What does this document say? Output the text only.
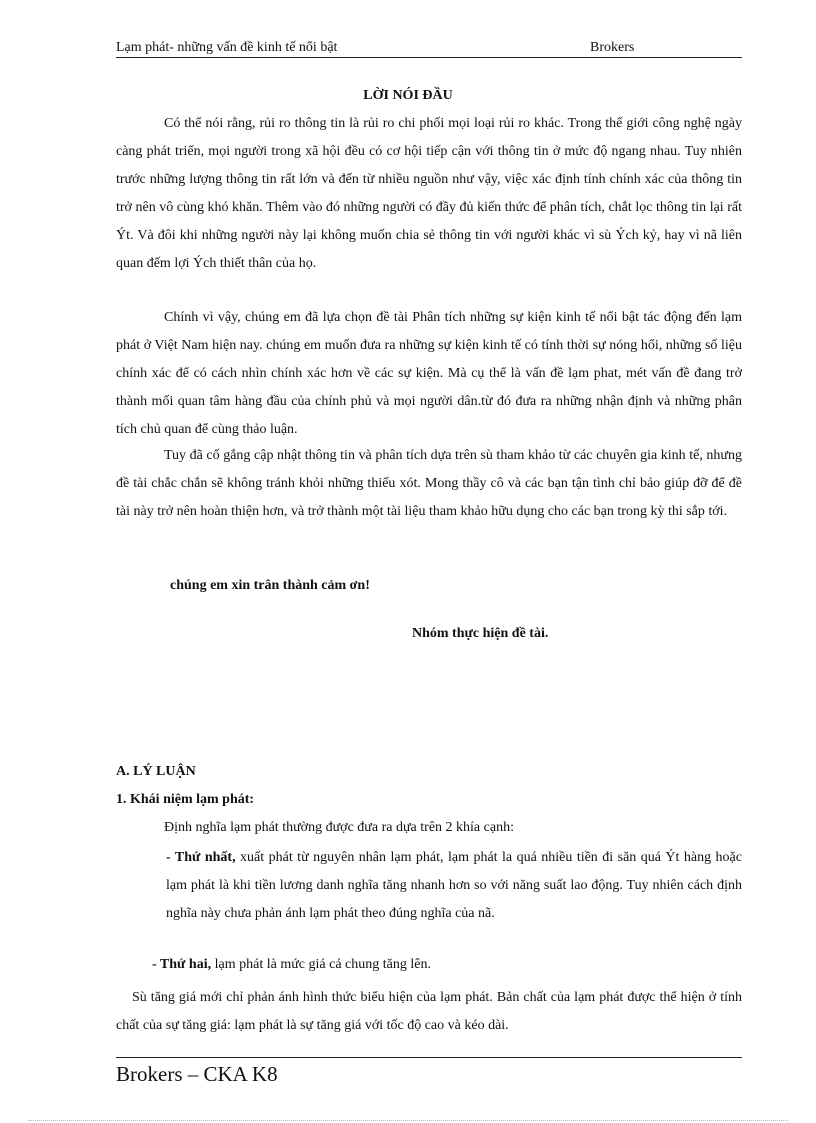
Lạm phát- những vấn đề kinh tế nổi bật	Brokers
LỜI NÓI ĐẦU

Có thể nói rằng, rủi ro thông tin là rủi ro chi phối mọi loại rủi ro khác. Trong thế giới công nghệ ngày càng phát triển, mọi người trong xã hội đều có cơ hội tiếp cận với thông tin ở mức độ ngang nhau. Tuy nhiên trước những lượng thông tin rất lớn và đến từ nhiều nguồn như vậy, việc xác định tính chính xác của thông tin trở nên vô cùng khó khăn. Thêm vào đó những người có đầy đủ kiến thức để phân tích, chắt lọc thông tin lại rất Ýt. Và đôi khi những người này lại không muốn chia sẻ thông tin với người khác vì sù Ých kỷ, hay vì nã liên quan đếm lợi Ých thiết thân của họ.

Chính vì vậy, chúng em đã lựa chọn đề tài Phân tích những sự kiện kinh tế nổi bật tác động đến lạm phát ở Việt Nam hiện nay. chúng em muốn đưa ra những sự kiện kinh tế có tính thời sự nóng hổi, những số liệu chính xác để có cách nhìn chính xác hơn về các sự kiện. Mà cụ thể là vấn đề lạm phat, mét vấn đề đang trở thành mối quan tâm hàng đầu của chính phủ và mọi người dân.từ đó đưa ra những nhận định và những phân tích chủ quan để cùng thảo luận.

Tuy đã cố gắng cập nhật thông tin và phân tích dựa trên sù tham khảo từ các chuyên gia kinh tế, nhưng đề tài chắc chắn sẽ không tránh khỏi những thiếu xót. Mong thầy cô và các bạn tận tình chỉ bảo giúp đỡ để đề tài này trở nên hoàn thiện hơn, và trở thành một tài liệu tham khảo hữu dụng cho các bạn trong kỳ thi sắp tới.

chúng em xin trân thành cảm ơn!
Nhóm thực hiện đề tài.
A. LÝ LUẬN
1. Khái niệm lạm phát:
Định nghĩa lạm phát thường được đưa ra dựa trên 2 khía cạnh:
- Thứ nhất, xuất phát từ nguyên nhân lạm phát, lạm phát la quá nhiều tiền đi săn quá Ýt hàng hoặc lạm phát là khi tiền lương danh nghĩa tăng nhanh hơn so với năng suất lao động. Tuy nhiên cách định nghĩa này chưa phản ánh lạm phát theo đúng nghĩa của nã.
- Thứ hai, lạm phát là mức giá cả chung tăng lên.

Sù tăng giá mới chỉ phản ánh hình thức biểu hiện của lạm phát. Bản chất của lạm phát được thể hiện ở tính chất của sự tăng giá: lạm phát là sự tăng giá với tốc độ cao và kéo dài.

Brokers – CKA K8
